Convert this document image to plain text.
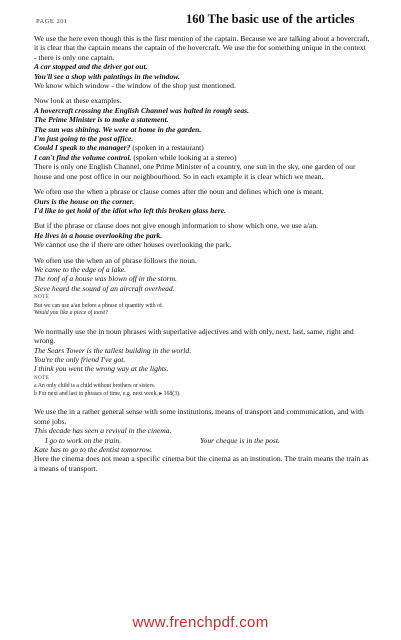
PAGE 201	160 The basic use of the articles

We use the here even though this is the first mention of the captain. Because we are talking about a hovercraft, it is clear that the captain means the captain of the hovercraft. We use the for something unique in the context - there is only one captain.

A car stopped and the driver got out.

You'll see a shop with paintings in the window.

We know which window - the window of the shop just mentioned.

Now look at these examples.

A hovercraft crossing the English Channel was halted in rough seas.

The Prime Minister is to make a statement.

The sun was shining. We were at home in the garden.

I'm just going to the post office.

Could I speak to the manager? (spoken in a restaurant)

I can't find the volume control. (spoken while looking at a stereo)

There is only one English Channel, one Prime Minister of a country, one sun in the sky, one garden of our house and one post office in our neighbourhood. So in each example it is clear which we mean.

We often use the when a phrase or clause comes after the noun and defines which one is meant.

Ours is the house on the corner.

I'd like to get hold of the idiot who left this broken glass here.

But if the phrase or clause does not give enough information to show which one, we use a/an.

He lives in a house overlooking the park.

We cannot use the if there are other houses overlooking the park.

We often use the when an of phrase follows the noun.

We came to the edge of a lake.

The roof of a house was blown off in the storm.

Steve heard the sound of an aircraft overhead.

NOTE

But we can use a/an before a phrase of quantity with of.

Would you like a piece of toast?

We normally use the in noun phrases with superlative adjectives and with only, next, last, same, right and wrong.

The Sears Tower is the tallest building in the world.

You're the only friend I've got.

I think you went the wrong way at the lights.

NOTE

a An only child is a child without brothers or sisters.

b For next and last in phrases of time, e.g. next week, ▸ 168(3).

We use the in a rather general sense with some institutions, means of transport and communication, and with some jobs.

This decade has seen a revival in the cinema.

I go to work on the train.	Your cheque is in the post.

Kate has to go to the dentist tomorrow.

Here the cinema does not mean a specific cinema but the cinema as an institution. The train means the train as a means of transport.

www.frenchpdf.com
